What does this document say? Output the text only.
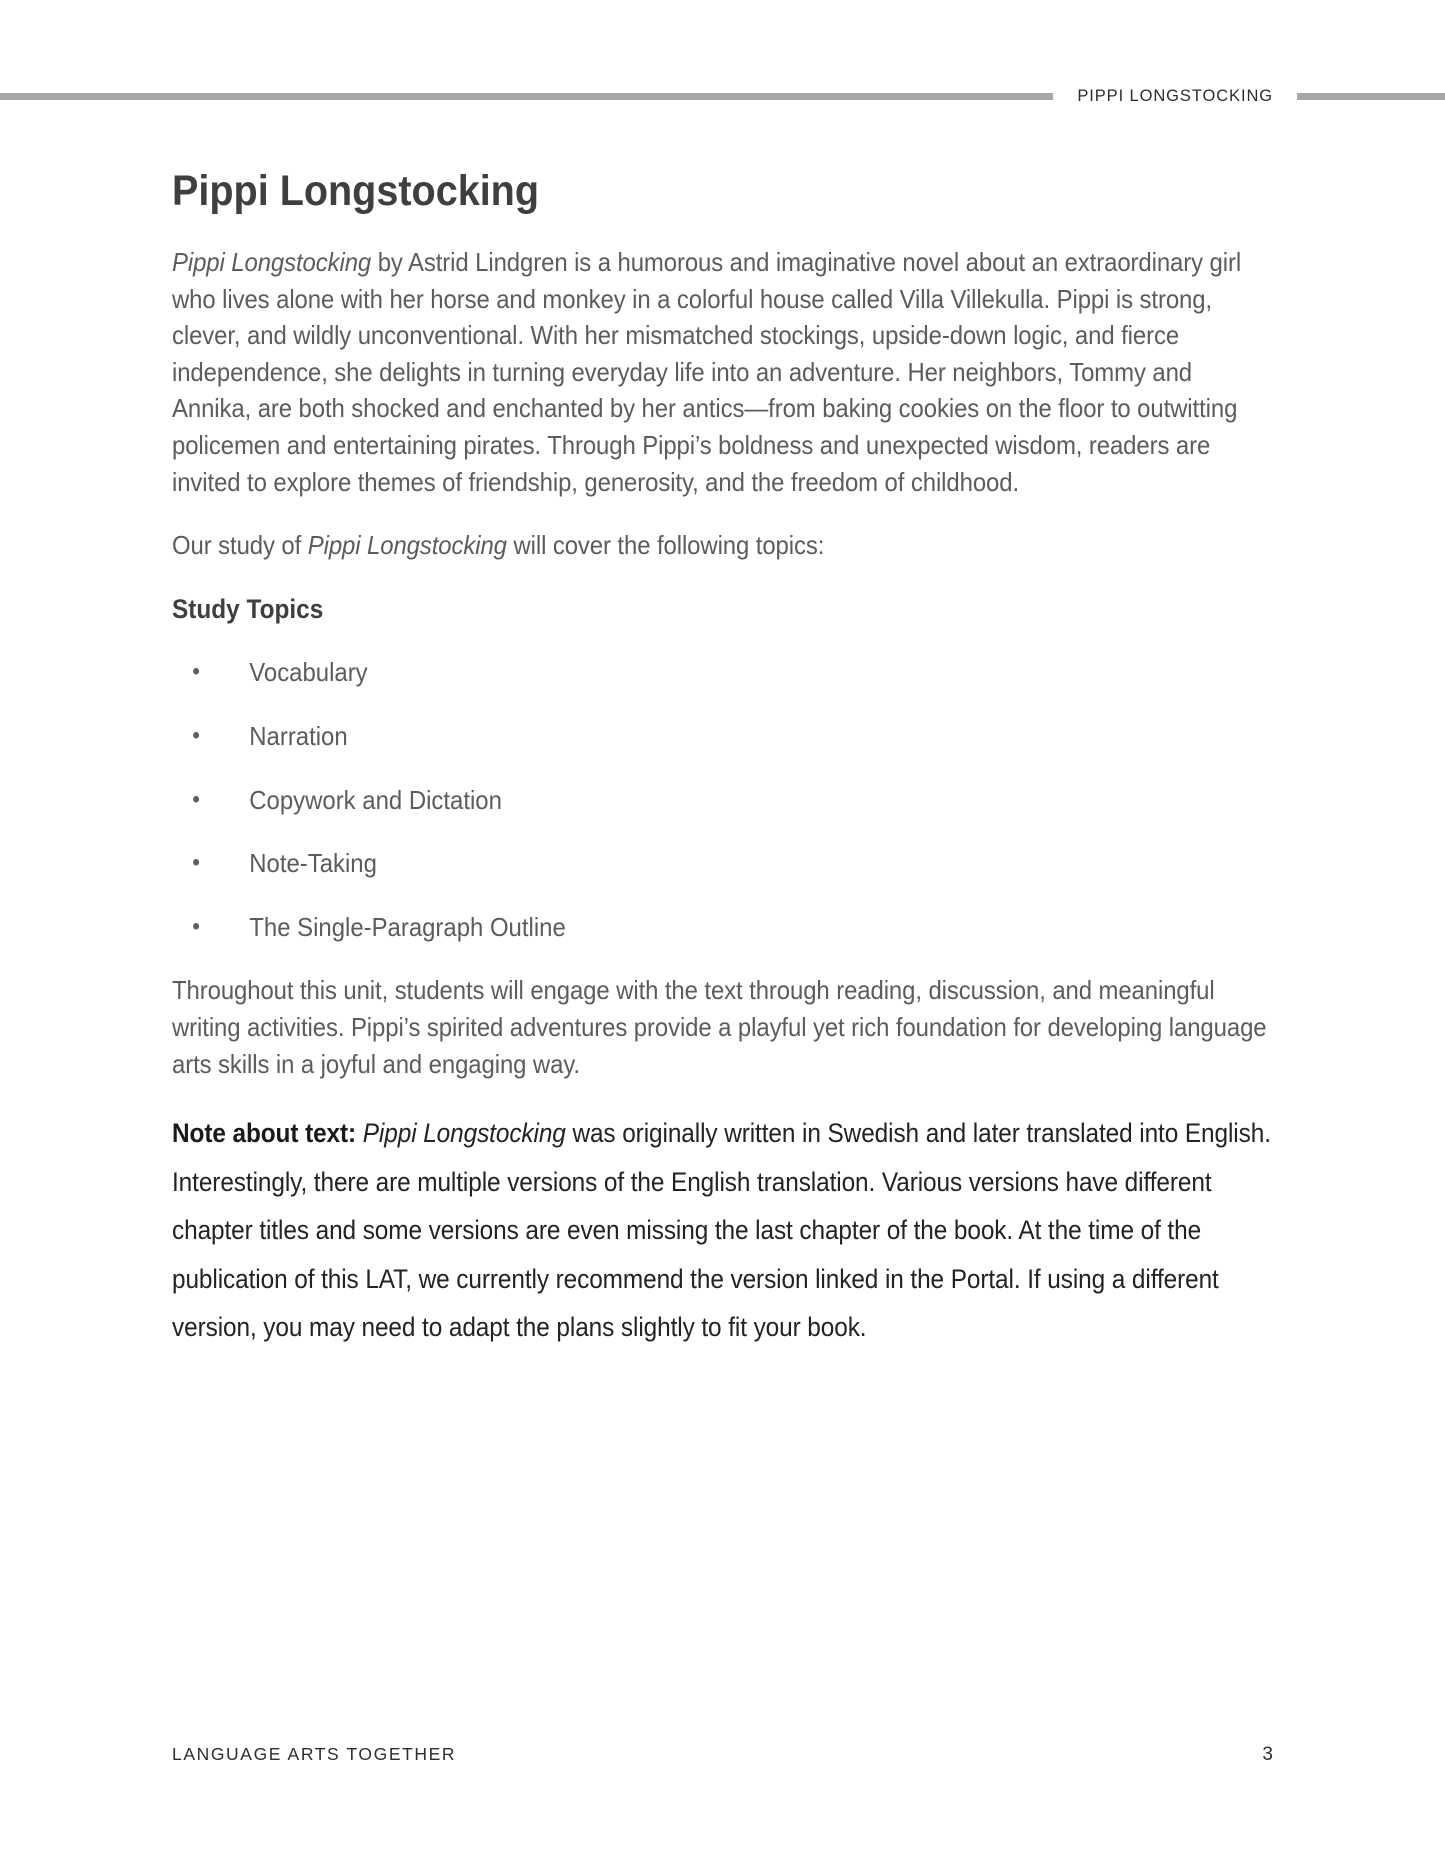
PIPPI LONGSTOCKING
Pippi Longstocking

Pippi Longstocking by Astrid Lindgren is a humorous and imaginative novel about an extraordinary girl who lives alone with her horse and monkey in a colorful house called Villa Villekulla. Pippi is strong, clever, and wildly unconventional. With her mismatched stockings, upside-down logic, and fierce independence, she delights in turning everyday life into an adventure. Her neighbors, Tommy and Annika, are both shocked and enchanted by her antics—from baking cookies on the floor to outwitting policemen and entertaining pirates. Through Pippi’s boldness and unexpected wisdom, readers are invited to explore themes of friendship, generosity, and the freedom of childhood.

Our study of Pippi Longstocking will cover the following topics:

Study Topics
• Vocabulary
• Narration
• Copywork and Dictation
• Note-Taking
• The Single-Paragraph Outline

Throughout this unit, students will engage with the text through reading, discussion, and meaningful writing activities. Pippi’s spirited adventures provide a playful yet rich foundation for developing language arts skills in a joyful and engaging way.

Note about text: Pippi Longstocking was originally written in Swedish and later translated into English. Interestingly, there are multiple versions of the English translation. Various versions have different chapter titles and some versions are even missing the last chapter of the book. At the time of the publication of this LAT, we currently recommend the version linked in the Portal. If using a different version, you may need to adapt the plans slightly to fit your book.

LANGUAGE ARTS TOGETHER	3
